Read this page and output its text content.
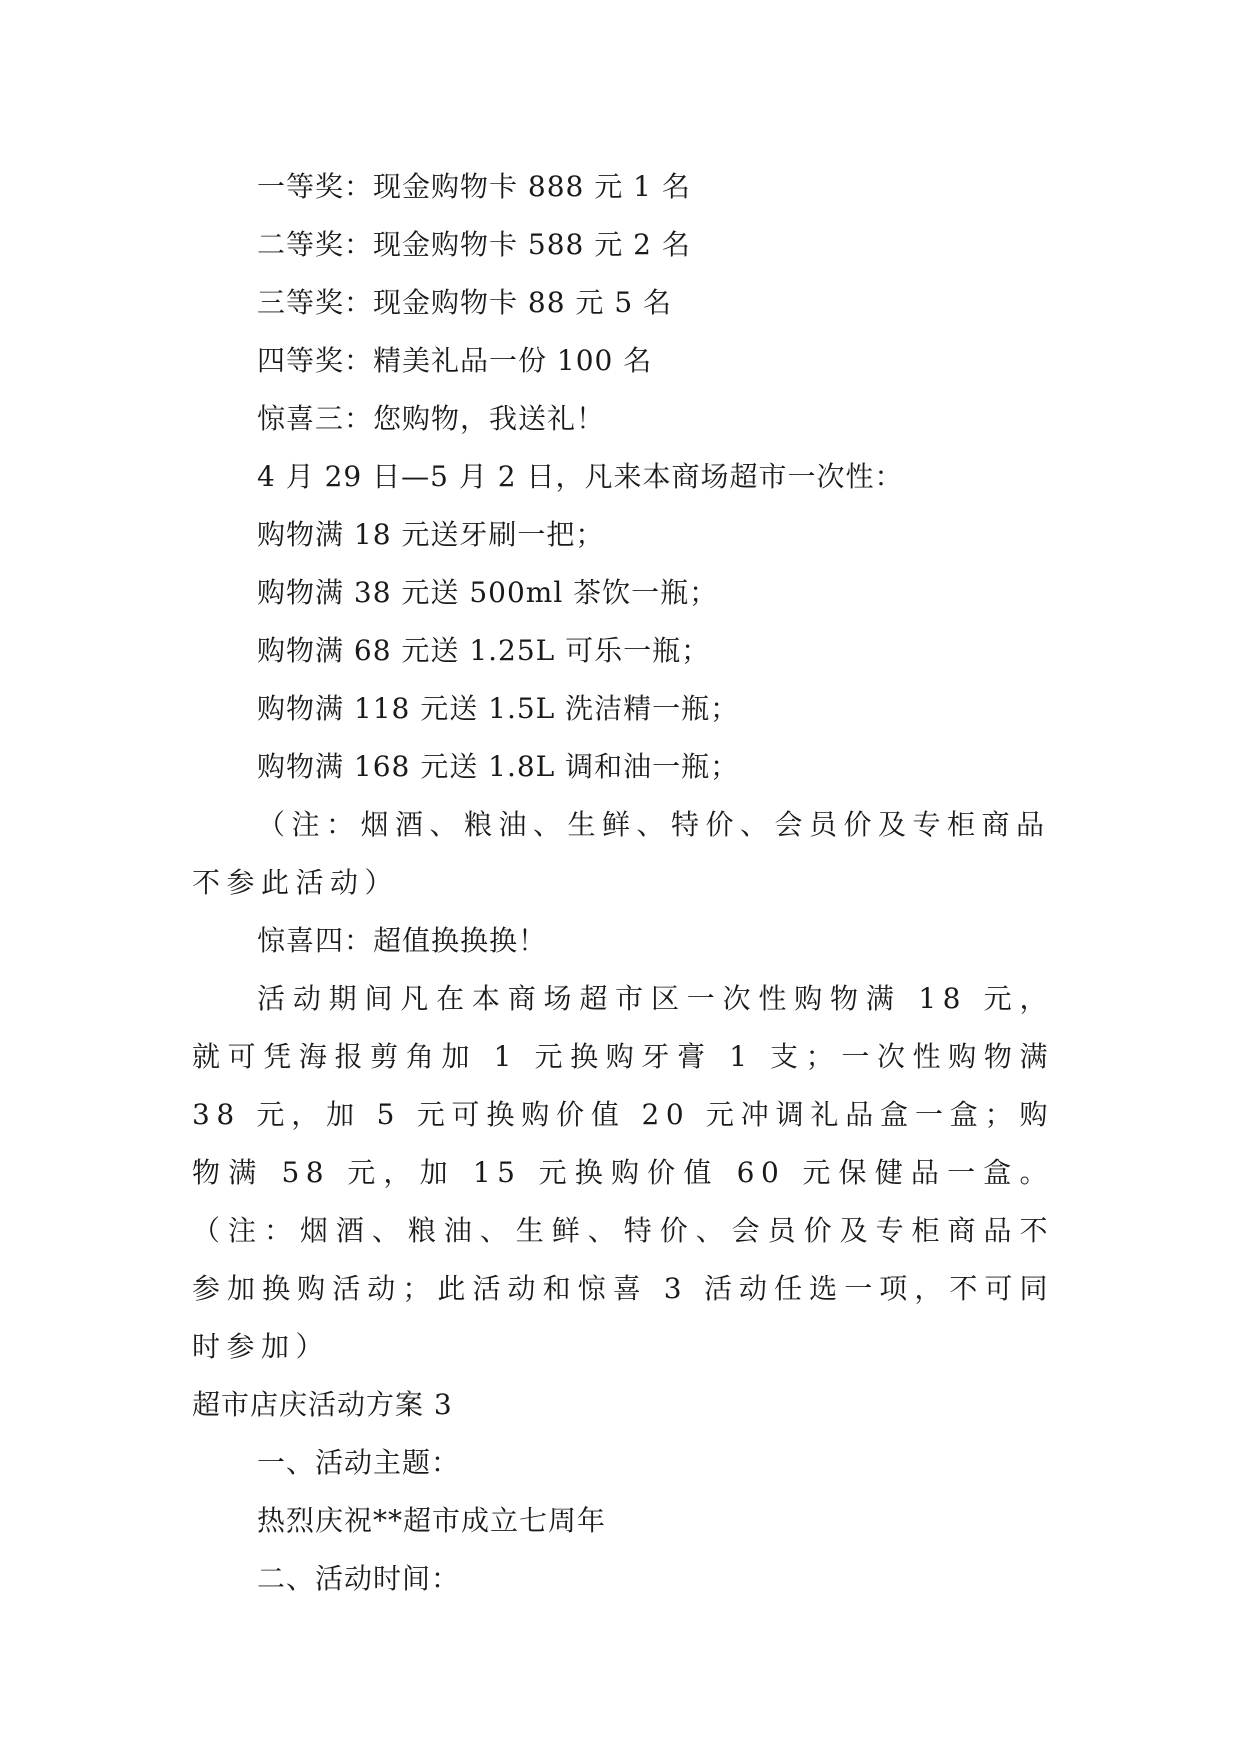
一等奖：现金购物卡 888 元 1 名
二等奖：现金购物卡 588 元 2 名
三等奖：现金购物卡 88 元 5 名
四等奖：精美礼品一份 100 名
惊喜三：您购物，我送礼！
4 月 29 日—5 月 2 日，凡来本商场超市一次性：
购物满 18 元送牙刷一把；
购物满 38 元送 500ml 茶饮一瓶；
购物满 68 元送 1.25L 可乐一瓶；
购物满 118 元送 1.5L 洗洁精一瓶；
购物满 168 元送 1.8L 调和油一瓶；

（注：烟酒、粮油、生鲜、特价、会员价及专柜商品不参此活动）

惊喜四：超值换换换！

活动期间凡在本商场超市区一次性购物满 18 元，就可凭海报剪角加 1 元换购牙膏 1 支；一次性购物满 38 元，加 5 元可换购价值 20 元冲调礼品盒一盒；购物满 58 元，加 15 元换购价值 60 元保健品一盒。（注：烟酒、粮油、生鲜、特价、会员价及专柜商品不参加换购活动；此活动和惊喜 3 活动任选一项，不可同时参加）

超市店庆活动方案 3
一、活动主题：
热烈庆祝**超市成立七周年
二、活动时间：
